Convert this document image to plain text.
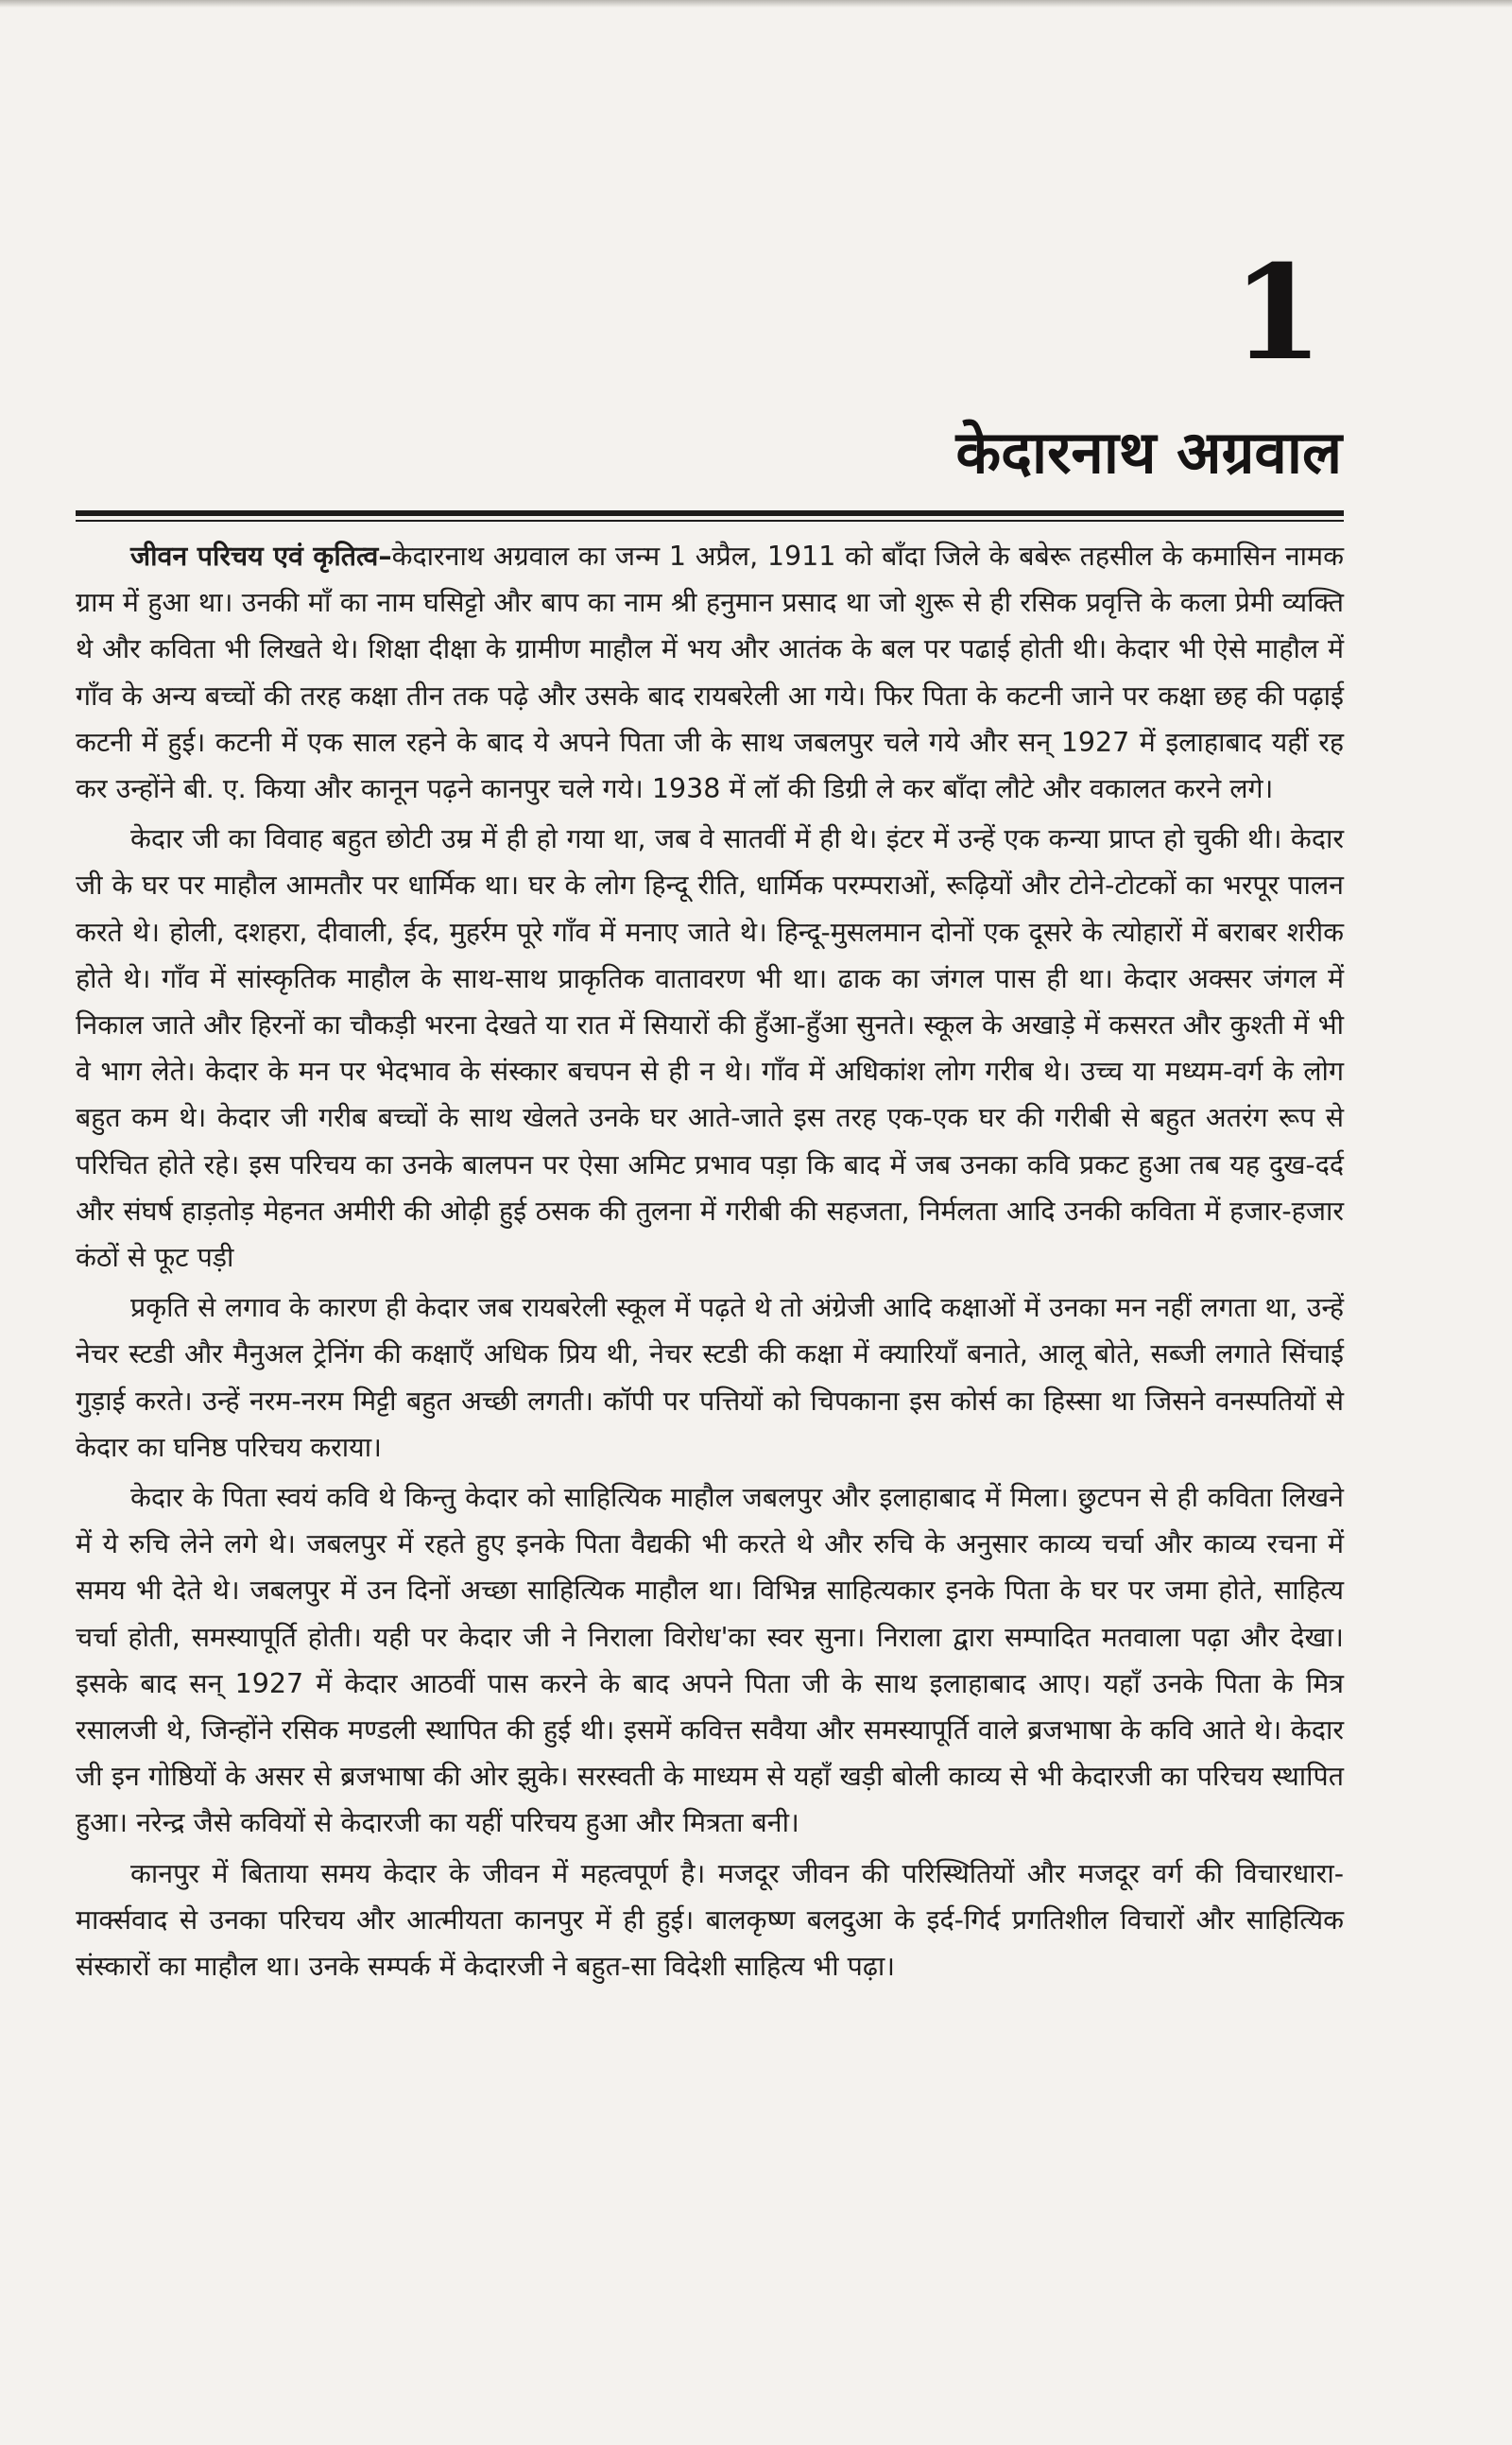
1
केदारनाथ अग्रवाल

जीवन परिचय एवं कृतित्व–केदारनाथ अग्रवाल का जन्म 1 अप्रैल, 1911 को बाँदा जिले के बबेरू तहसील के कमासिन नामक ग्राम में हुआ था। उनकी माँ का नाम घसिट्टो और बाप का नाम श्री हनुमान प्रसाद था जो शुरू से ही रसिक प्रवृत्ति के कला प्रेमी व्यक्ति थे और कविता भी लिखते थे। शिक्षा दीक्षा के ग्रामीण माहौल में भय और आतंक के बल पर पढाई होती थी। केदार भी ऐसे माहौल में गाँव के अन्य बच्चों की तरह कक्षा तीन तक पढ़े और उसके बाद रायबरेली आ गये। फिर पिता के कटनी जाने पर कक्षा छह की पढ़ाई कटनी में हुई। कटनी में एक साल रहने के बाद ये अपने पिता जी के साथ जबलपुर चले गये और सन् 1927 में इलाहाबाद यहीं रह कर उन्होंने बी. ए. किया और कानून पढ़ने कानपुर चले गये। 1938 में लॉ की डिग्री ले कर बाँदा लौटे और वकालत करने लगे।

केदार जी का विवाह बहुत छोटी उम्र में ही हो गया था, जब वे सातवीं में ही थे। इंटर में उन्हें एक कन्या प्राप्त हो चुकी थी। केदार जी के घर पर माहौल आमतौर पर धार्मिक था। घर के लोग हिन्दू रीति, धार्मिक परम्पराओं, रूढ़ियों और टोने-टोटकों का भरपूर पालन करते थे। होली, दशहरा, दीवाली, ईद, मुहर्रम पूरे गाँव में मनाए जाते थे। हिन्दू-मुसलमान दोनों एक दूसरे के त्योहारों में बराबर शरीक होते थे। गाँव में सांस्कृतिक माहौल के साथ-साथ प्राकृतिक वातावरण भी था। ढाक का जंगल पास ही था। केदार अक्सर जंगल में निकाल जाते और हिरनों का चौकड़ी भरना देखते या रात में सियारों की हुँआ-हुँआ सुनते। स्कूल के अखाड़े में कसरत और कुश्ती में भी वे भाग लेते। केदार के मन पर भेदभाव के संस्कार बचपन से ही न थे। गाँव में अधिकांश लोग गरीब थे। उच्च या मध्यम-वर्ग के लोग बहुत कम थे। केदार जी गरीब बच्चों के साथ खेलते उनके घर आते-जाते इस तरह एक-एक घर की गरीबी से बहुत अतरंग रूप से परिचित होते रहे। इस परिचय का उनके बालपन पर ऐसा अमिट प्रभाव पड़ा कि बाद में जब उनका कवि प्रकट हुआ तब यह दुख-दर्द और संघर्ष हाड़तोड़ मेहनत अमीरी की ओढ़ी हुई ठसक की तुलना में गरीबी की सहजता, निर्मलता आदि उनकी कविता में हजार-हजार कंठों से फूट पड़ी

प्रकृति से लगाव के कारण ही केदार जब रायबरेली स्कूल में पढ़ते थे तो अंग्रेजी आदि कक्षाओं में उनका मन नहीं लगता था, उन्हें नेचर स्टडी और मैनुअल ट्रेनिंग की कक्षाएँ अधिक प्रिय थी, नेचर स्टडी की कक्षा में क्यारियाँ बनाते, आलू बोते, सब्जी लगाते सिंचाई गुड़ाई करते। उन्हें नरम-नरम मिट्टी बहुत अच्छी लगती। कॉपी पर पत्तियों को चिपकाना इस कोर्स का हिस्सा था जिसने वनस्पतियों से केदार का घनिष्ठ परिचय कराया।

केदार के पिता स्वयं कवि थे किन्तु केदार को साहित्यिक माहौल जबलपुर और इलाहाबाद में मिला। छुटपन से ही कविता लिखने में ये रुचि लेने लगे थे। जबलपुर में रहते हुए इनके पिता वैद्यकी भी करते थे और रुचि के अनुसार काव्य चर्चा और काव्य रचना में समय भी देते थे। जबलपुर में उन दिनों अच्छा साहित्यिक माहौल था। विभिन्न साहित्यकार इनके पिता के घर पर जमा होते, साहित्य चर्चा होती, समस्यापूर्ति होती। यही पर केदार जी ने निराला विरोध'का स्वर सुना। निराला द्वारा सम्पादित मतवाला पढ़ा और देखा। इसके बाद सन् 1927 में केदार आठवीं पास करने के बाद अपने पिता जी के साथ इलाहाबाद आए। यहाँ उनके पिता के मित्र रसालजी थे, जिन्होंने रसिक मण्डली स्थापित की हुई थी। इसमें कवित्त सवैया और समस्यापूर्ति वाले ब्रजभाषा के कवि आते थे। केदार जी इन गोष्ठियों के असर से ब्रजभाषा की ओर झुके। सरस्वती के माध्यम से यहाँ खड़ी बोली काव्य से भी केदारजी का परिचय स्थापित हुआ। नरेन्द्र जैसे कवियों से केदारजी का यहीं परिचय हुआ और मित्रता बनी।

कानपुर में बिताया समय केदार के जीवन में महत्वपूर्ण है। मजदूर जीवन की परिस्थितियों और मजदूर वर्ग की विचारधारा-मार्क्सवाद से उनका परिचय और आत्मीयता कानपुर में ही हुई। बालकृष्ण बलदुआ के इर्द-गिर्द प्रगतिशील विचारों और साहित्यिक संस्कारों का माहौल था। उनके सम्पर्क में केदारजी ने बहुत-सा विदेशी साहित्य भी पढ़ा।
